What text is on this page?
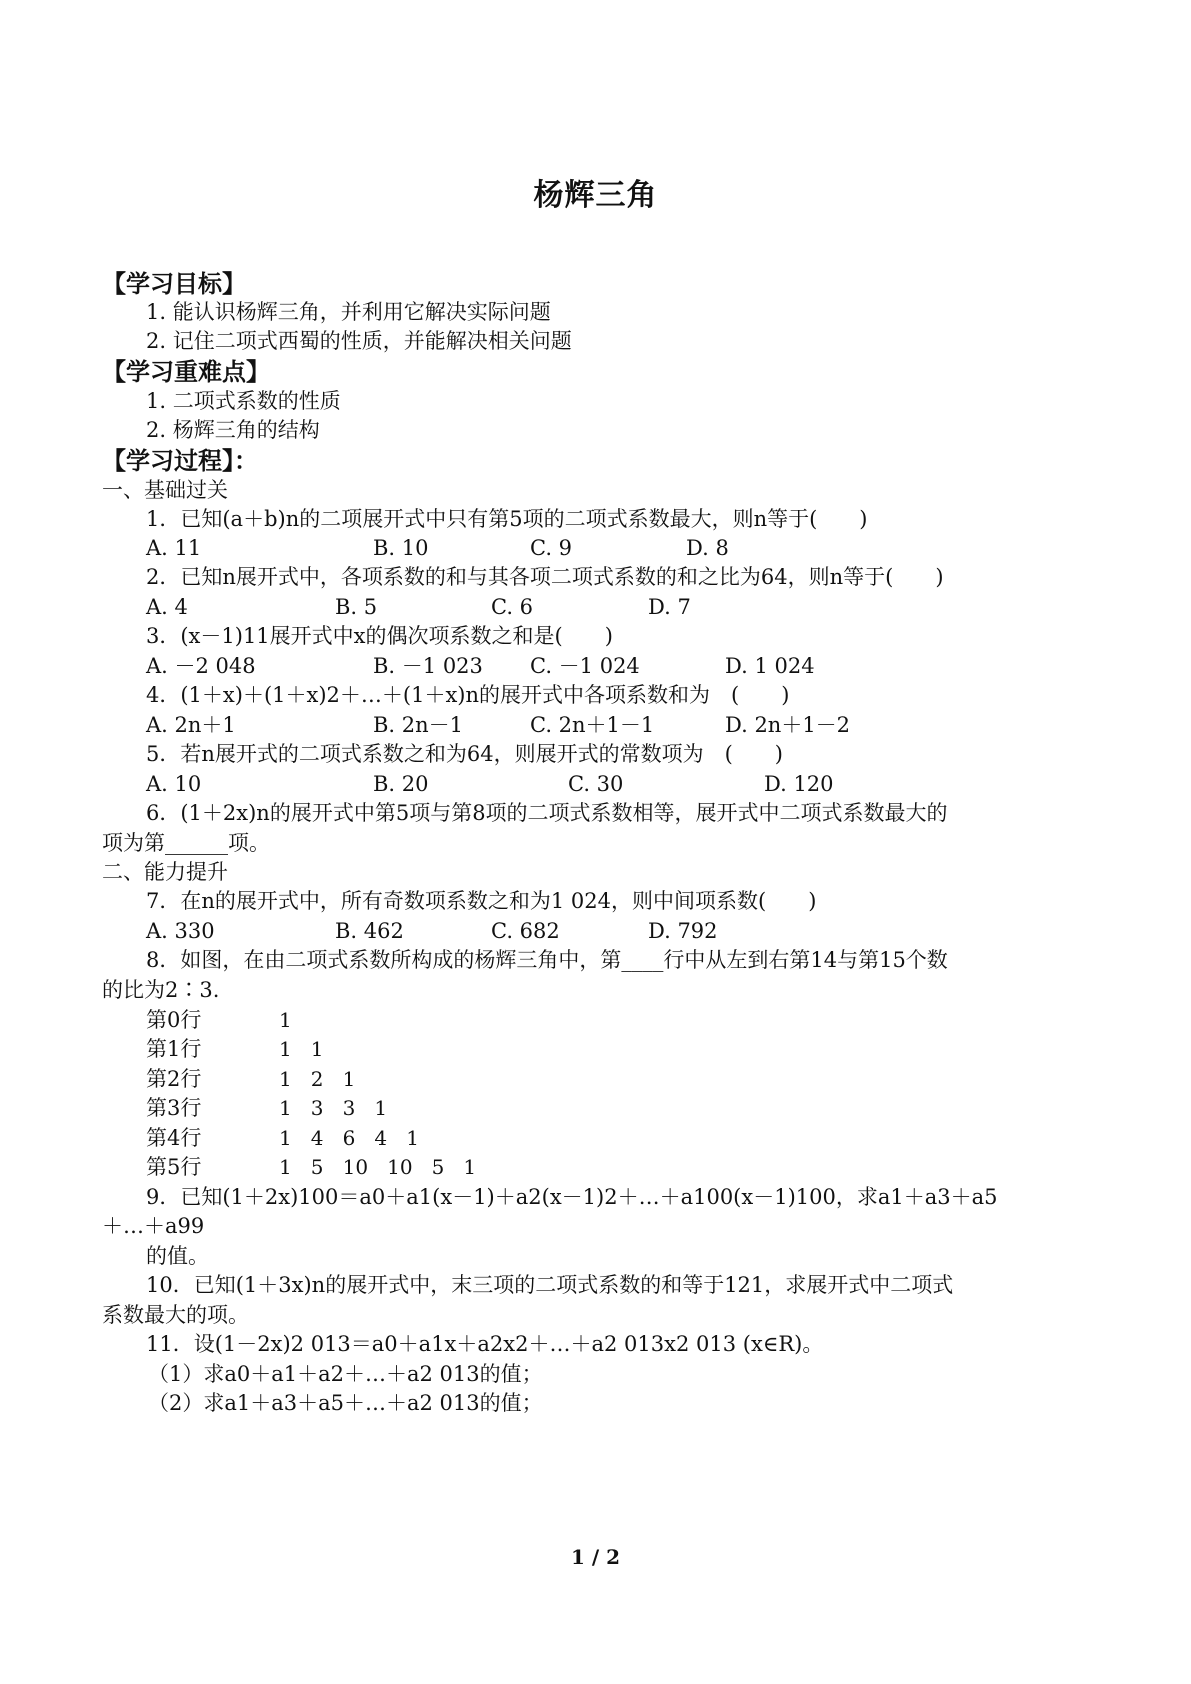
杨辉三角
【学习目标】
1. 能认识杨辉三角，并利用它解决实际问题
2. 记住二项式西蜀的性质，并能解决相关问题
【学习重难点】
1. 二项式系数的性质
2. 杨辉三角的结构
【学习过程】：
一、基础过关
1．已知(a＋b)n的二项展开式中只有第5项的二项式系数最大，则n等于(　　)
A. 11	B. 10	C. 9	D. 8
2．已知n展开式中，各项系数的和与其各项二项式系数的和之比为64，则n等于(　　)
A. 4	B. 5	C. 6	D. 7
3．(x－1)11展开式中x的偶次项系数之和是(　　)
A. －2 048	B. －1 023 C. －1 024	D. 1 024
4．(1＋x)＋(1＋x)2＋…＋(1＋x)n的展开式中各项系数和为　(　　)
A. 2n＋1	B. 2n－1	C. 2n＋1－1	D. 2n＋1－2
5．若n展开式的二项式系数之和为64，则展开式的常数项为　(　　)
A. 10	B. 20	C. 30	D. 120
6．(1＋2x)n的展开式中第5项与第8项的二项式系数相等，展开式中二项式系数最大的
项为第______项。
二、能力提升
7．在n的展开式中，所有奇数项系数之和为1 024，则中间项系数(　　)
A. 330	B. 462	C. 682	D. 792
8．如图，在由二项式系数所构成的杨辉三角中，第____行中从左到右第14与第15个数
的比为2∶3.
第0行	1
第1行	1   1
第2行	1   2   1
第3行	1   3   3   1
第4行	1   4   6   4   1
第5行	1   5   10   10   5   1
9．已知(1＋2x)100＝a0＋a1(x－1)＋a2(x－1)2＋…＋a100(x－1)100，求a1＋a3＋a5
＋…＋a99
的值。
10．已知(1＋3x)n的展开式中，末三项的二项式系数的和等于121，求展开式中二项式
系数最大的项。
11．设(1－2x)2 013＝a0＋a1x＋a2x2＋…＋a2 013x2 013 (x∈R)。
（1）求a0＋a1＋a2＋…＋a2 013的值；
（2）求a1＋a3＋a5＋…＋a2 013的值；
1 / 2
